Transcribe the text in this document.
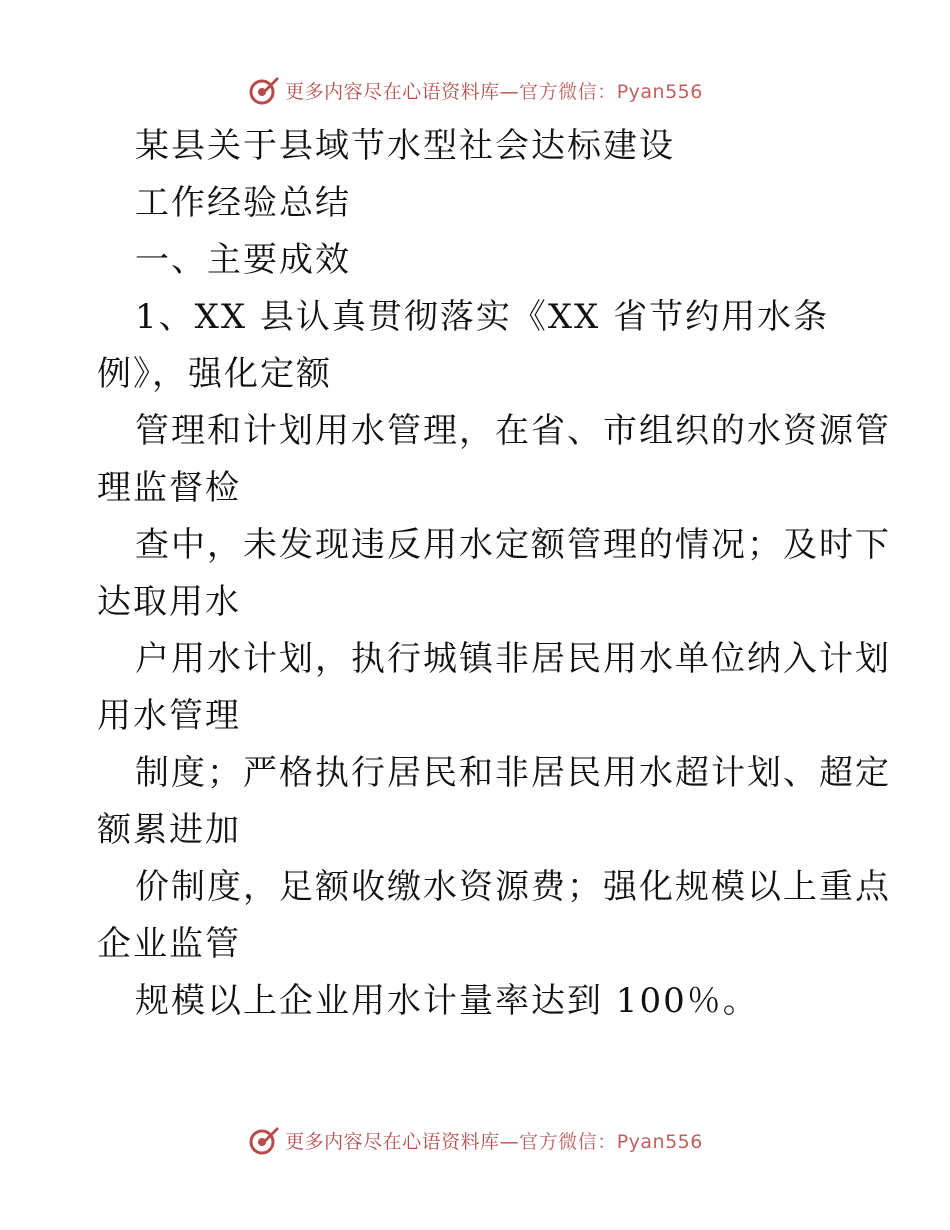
更多内容尽在心语资料库—官方微信：Pyan556
某县关于县域节水型社会达标建设
工作经验总结
一、主要成效
1、XX 县认真贯彻落实《XX 省节约用水条
例》，强化定额
管理和计划用水管理，在省、市组织的水资源管
理监督检
查中，未发现违反用水定额管理的情况；及时下
达取用水
户用水计划，执行城镇非居民用水单位纳入计划
用水管理
制度；严格执行居民和非居民用水超计划、超定
额累进加
价制度，足额收缴水资源费；强化规模以上重点
企业监管
规模以上企业用水计量率达到 100％。
更多内容尽在心语资料库—官方微信：Pyan556
